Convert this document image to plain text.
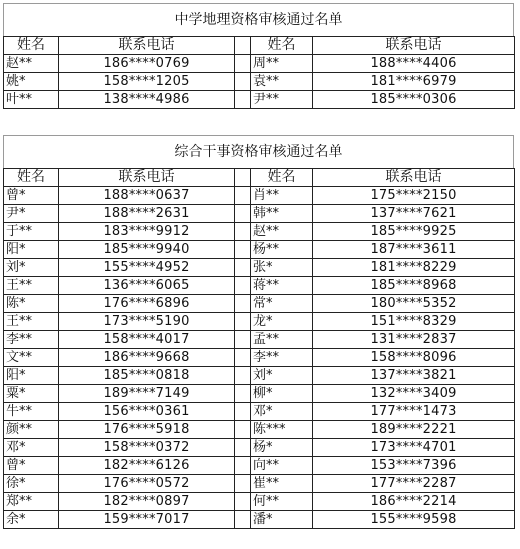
中学地理资格审核通过名单
姓名	联系电话		姓名	联系电话
赵**	186****0769		周**	188****4406
姚*	158****1205		袁**	181****6979
叶**	138****4986		尹**	185****0306
综合干事资格审核通过名单
姓名	联系电话		姓名	联系电话
曾*	188****0637		肖**	175****2150
尹*	188****2631		韩**	137****7621
于**	183****9912		赵**	185****9925
阳*	185****9940		杨**	187****3611
刘*	155****4952		张*	181****8229
王**	136****6065		蒋**	185****8968
陈*	176****6896		常*	180****5352
王**	173****5190		龙*	151****8329
李**	158****4017		孟**	131****2837
文**	186****9668		李**	158****8096
阳*	185****0818		刘*	137****3821
粟*	189****7149		柳*	132****3409
牛**	156****0361		邓*	177****1473
颜**	176****5918		陈***	189****2221
邓*	158****0372		杨*	173****4701
曾*	182****6126		向**	153****7396
徐*	176****0572		崔**	177****2287
郑**	182****0897		何**	186****2214
余*	159****7017		潘*	155****9598
